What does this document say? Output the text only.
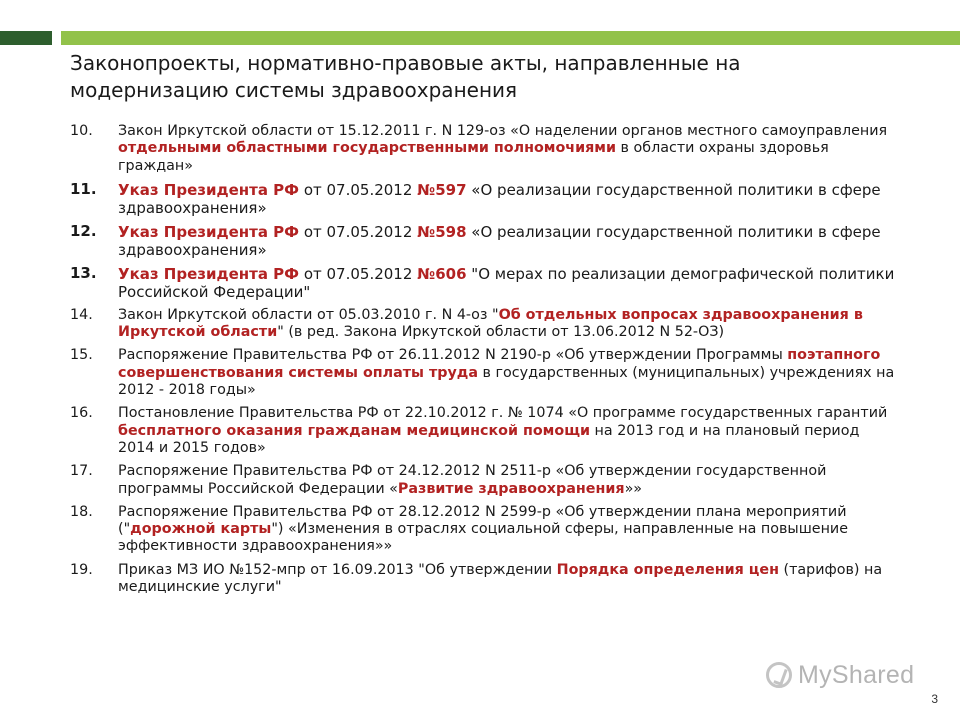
Законопроекты, нормативно-правовые акты, направленные на модернизацию системы здравоохранения
10.	Закон Иркутской области от 15.12.2011 г. N 129-оз «О наделении органов местного самоуправления отдельными областными государственными полномочиями в области охраны здоровья граждан»
11.	Указ Президента РФ от 07.05.2012 №597 «О реализации государственной политики в сфере здравоохранения»
12.	Указ Президента РФ от 07.05.2012 №598 «О реализации государственной политики в сфере здравоохранения»
13.	Указ Президента РФ от 07.05.2012 №606 "О мерах по реализации демографической политики Российской Федерации"
14.	Закон Иркутской области от 05.03.2010 г. N 4-оз "Об отдельных вопросах здравоохранения в Иркутской области" (в ред. Закона Иркутской области от 13.06.2012 N 52-ОЗ)
15.	Распоряжение Правительства РФ от 26.11.2012 N 2190-р «Об утверждении Программы поэтапного совершенствования системы оплаты труда в государственных (муниципальных) учреждениях на 2012 - 2018 годы»
16.	Постановление Правительства РФ от 22.10.2012 г. № 1074 «О программе государственных гарантий бесплатного оказания гражданам медицинской помощи на 2013 год и на плановый период 2014 и 2015 годов»
17.	Распоряжение Правительства РФ от 24.12.2012 N 2511-р «Об утверждении государственной программы Российской Федерации «Развитие здравоохранения»»
18.	Распоряжение Правительства РФ от 28.12.2012 N 2599-р «Об утверждении плана мероприятий ("дорожной карты") «Изменения в отраслях социальной сферы, направленные на повышение эффективности здравоохранения»»
19.	Приказ МЗ ИО №152-мпр от 16.09.2013 "Об утверждении Порядка определения цен (тарифов) на медицинские услуги"
MyShared
3
